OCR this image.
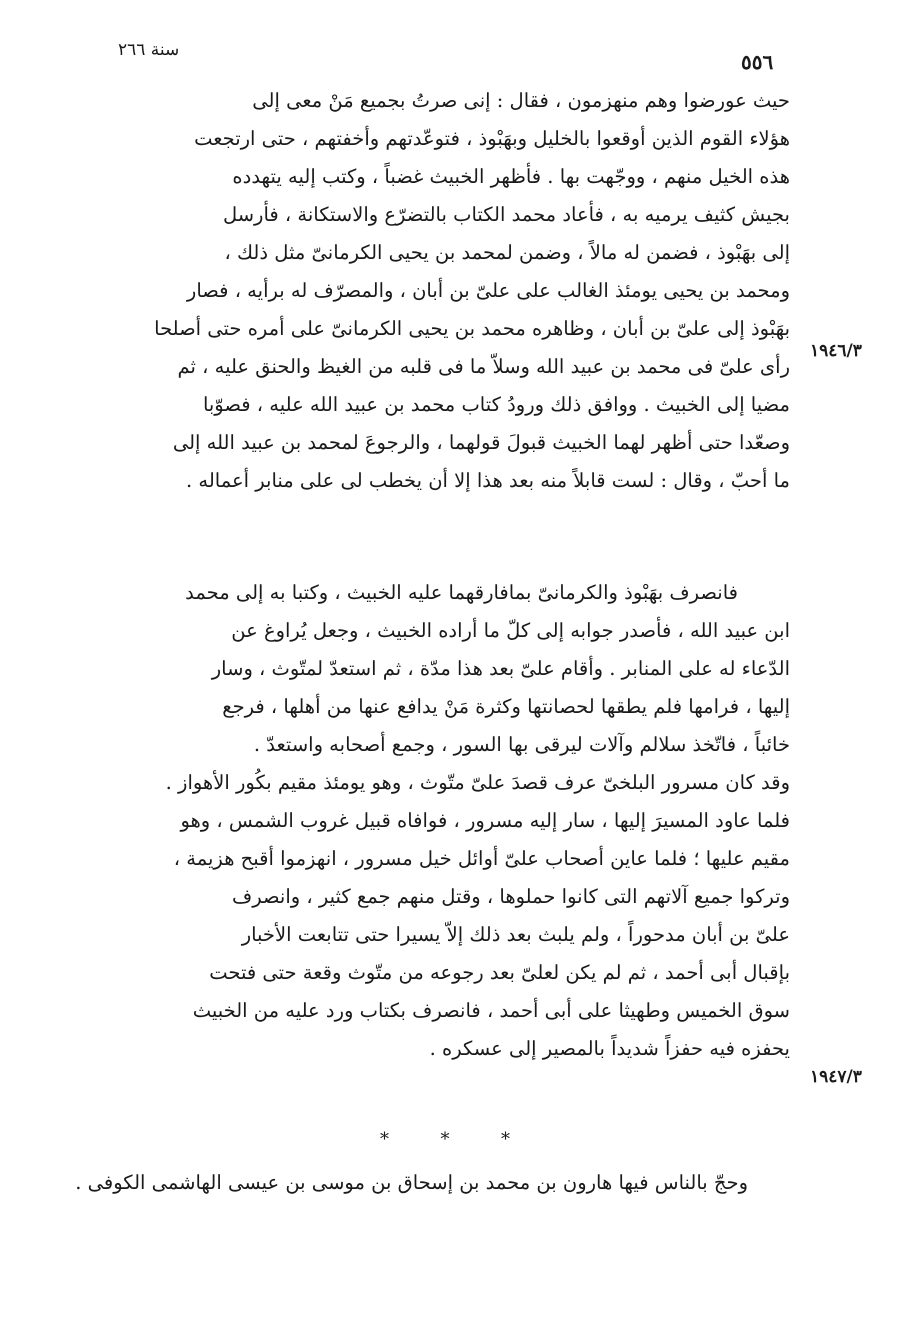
سنة ٢٦٦	٥٥٦
حيث عورضوا وهم منهزمون ، فقال : إنى صرتُ بجميع مَنْ معى إلى
هؤلاء القوم الذين أوقعوا بالخليل وبهَبْوذ ، فتوعّدتهم وأخفتهم ، حتى ارتجعت
هذه الخيل منهم ، ووجّهت بها . فأظهر الخبيث غضباً ، وكتب إليه يتهدده
بجيش كثيف يرميه به ، فأعاد محمد الكتاب بالتضرّع والاستكانة ، فأرسل
إلى بهَبْوذ ، فضمن له مالاً ، وضمن لمحمد بن يحيى الكرمانىّ مثل ذلك ،
ومحمد بن يحيى يومئذ الغالب على علىّ بن أبان ، والمصرّف له برأيه ، فصار
بهَبْوذ إلى علىّ بن أبان ، وظاهره محمد بن يحيى الكرمانىّ على أمره حتى أصلحا
رأى علىّ فى محمد بن عبيد الله وسلاّ ما فى قلبه من الغيظ والحنق عليه ، ثم
مضيا إلى الخبيث . ووافق ذلك ورودُ كتاب محمد بن عبيد الله عليه ، فصوّبا
وصعّدا حتى أظهر لهما الخبيث قبولَ قولهما ، والرجوعَ لمحمد بن عبيد الله إلى
ما أحبّ ، وقال : لست قابلاً منه بعد هذا إلا أن يخطب لى على منابر أعماله .
١٩٤٦/٣
فانصرف بهَبْوذ والكرمانىّ بمافارقهما عليه الخبيث ، وكتبا به إلى محمد
ابن عبيد الله ، فأصدر جوابه إلى كلّ ما أراده الخبيث ، وجعل يُراوغ عن
الدّعاء له على المنابر . وأقام علىّ بعد هذا مدّة ، ثم استعدّ لمتّوث ، وسار
إليها ، فرامها فلم يطقها لحصانتها وكثرة مَنْ يدافع عنها من أهلها ، فرجع
خائباً ، فاتّخذ سلالم وآلات ليرقى بها السور ، وجمع أصحابه واستعدّ .
وقد كان مسرور البلخىّ عرف قصدَ علىّ متّوث ، وهو يومئذ مقيم بكُور الأهواز .
فلما عاود المسيرَ إليها ، سار إليه مسرور ، فوافاه قبيل غروب الشمس ، وهو
مقيم عليها ؛ فلما عاين أصحاب علىّ أوائل خيل مسرور ، انهزموا أقبح هزيمة ،
وتركوا جميع آلاتهم التى كانوا حملوها ، وقتل منهم جمع كثير ، وانصرف
علىّ بن أبان مدحوراً ، ولم يلبث بعد ذلك إلاّ يسيرا حتى تتابعت الأخبار
بإقبال أبى أحمد ، ثم لم يكن لعلىّ بعد رجوعه من متّوث وقعة حتى فتحت
سوق الخميس وطهيثا على أبى أحمد ، فانصرف بكتاب ورد عليه من الخبيث
يحفزه فيه حفزاً شديداً بالمصير إلى عسكره .
١٩٤٧/٣
*	*	*
وحجّ بالناس فيها هارون بن محمد بن إسحاق بن موسى بن عيسى الهاشمى الكوفى .
